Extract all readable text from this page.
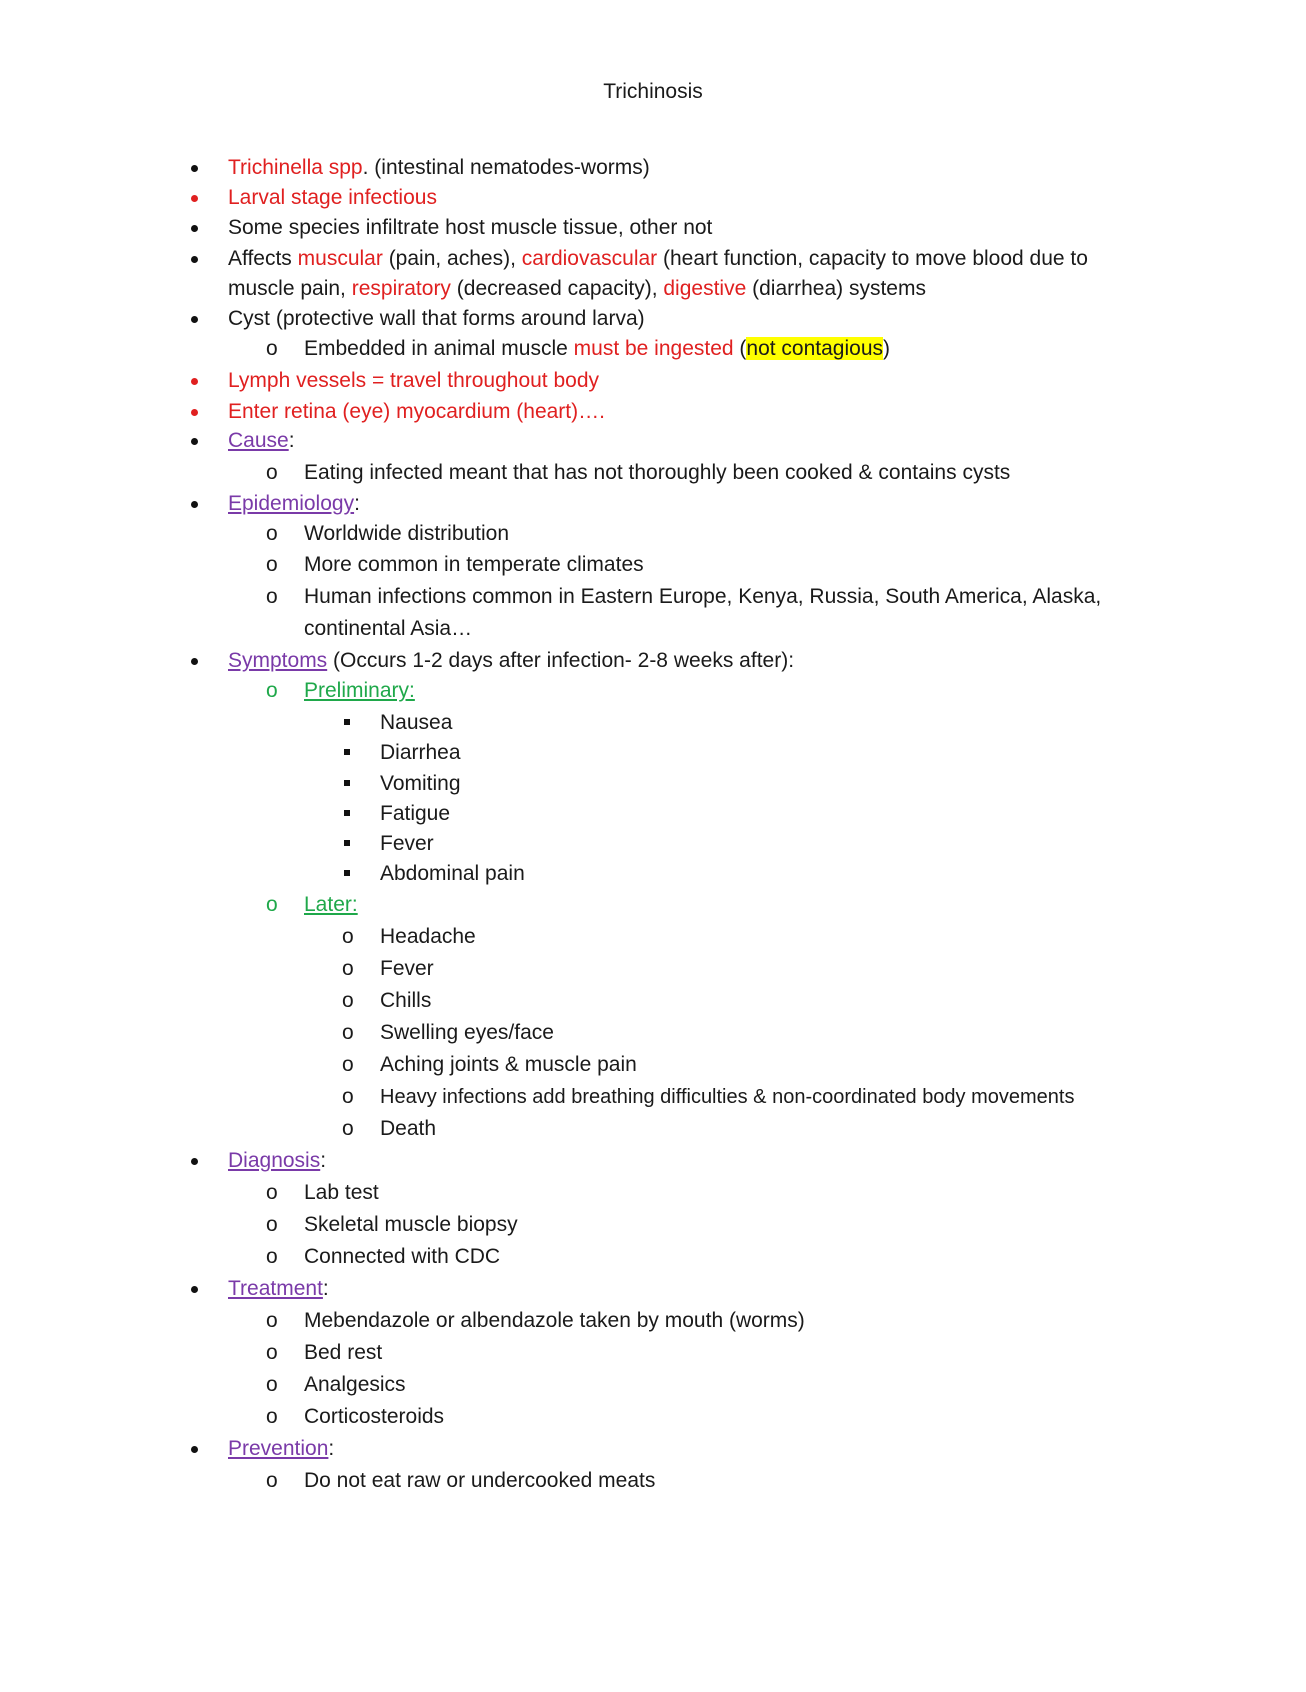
Trichinosis
Trichinella spp. (intestinal nematodes-worms)
Larval stage infectious
Some species infiltrate host muscle tissue, other not
Affects muscular (pain, aches), cardiovascular (heart function, capacity to move blood due to
muscle pain, respiratory (decreased capacity), digestive (diarrhea) systems
Cyst (protective wall that forms around larva)
o Embedded in animal muscle must be ingested (not contagious)
Lymph vessels = travel throughout body
Enter retina (eye) myocardium (heart)….
Cause:
o Eating infected meant that has not thoroughly been cooked & contains cysts
Epidemiology:
o Worldwide distribution
o More common in temperate climates
o Human infections common in Eastern Europe, Kenya, Russia, South America, Alaska,
continental Asia…
Symptoms (Occurs 1-2 days after infection- 2-8 weeks after):
o Preliminary:
Nausea
Diarrhea
Vomiting
Fatigue
Fever
Abdominal pain
o Later:
o Headache
o Fever
o Chills
o Swelling eyes/face
o Aching joints & muscle pain
o Heavy infections add breathing difficulties & non-coordinated body movements
o Death
Diagnosis:
o Lab test
o Skeletal muscle biopsy
o Connected with CDC
Treatment:
o Mebendazole or albendazole taken by mouth (worms)
o Bed rest
o Analgesics
o Corticosteroids
Prevention:
o Do not eat raw or undercooked meats
